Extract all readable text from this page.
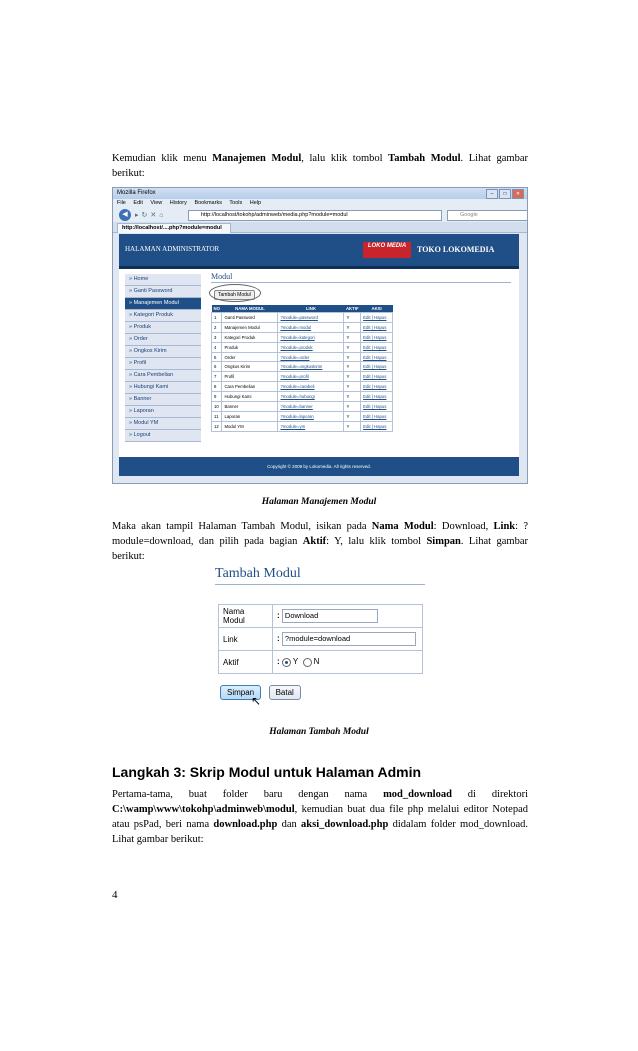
Kemudian klik menu Manajemen Modul, lalu klik tombol Tambah Modul. Lihat gambar berikut:
Mozilla Firefox	–	□	✕
File Edit View History Bookmarks Tools Help
◀	▸↻✕⌂	http://localhost/tokohp/adminweb/media.php?module=modul	Google
http://localhost/....php?module=modul
HALAMAN ADMINISTRATOR	LOKO MEDIA	TOKO LOKOMEDIA
» Home
» Ganti Password
» Manajemen Modul
» Kategori Produk
» Produk
» Order
» Ongkos Kirim
» Profil
» Cara Pembelian
» Hubungi Kami
» Banner
» Laporan
» Modul YM
» Logout
Modul
Tambah Modul
NO	NAMA MODUL	LINK	AKTIF	AKSI
1	Ganti Password	?module=password	Y	Edit | Hapus
2	Manajemen Modul	?module=modul	Y	Edit | Hapus
3	Kategori Produk	?module=kategori	Y	Edit | Hapus
4	Produk	?module=produk	Y	Edit | Hapus
5	Order	?module=order	Y	Edit | Hapus
6	Ongkos Kirim	?module=ongkoskirim	Y	Edit | Hapus
7	Profil	?module=profil	Y	Edit | Hapus
8	Cara Pembelian	?module=carabeli	Y	Edit | Hapus
9	Hubungi Kami	?module=hubungi	Y	Edit | Hapus
10	Banner	?module=banner	Y	Edit | Hapus
11	Laporan	?module=laporan	Y	Edit | Hapus
12	Modul YM	?module=ym	Y	Edit | Hapus
Copyright © 2009 by Lokomedia. All rights reserved.
Halaman Manajemen Modul
Maka akan tampil Halaman Tambah Modul, isikan pada Nama Modul: Download, Link: ?module=download, dan pilih pada bagian Aktif: Y, lalu klik tombol Simpan. Lihat gambar berikut:
Tambah Modul
Nama Modul	: Download
Link	: ?module=download
Aktif	: Y N
Simpan	Batal
↖
Halaman Tambah Modul
Langkah 3: Skrip Modul untuk Halaman Admin
Pertama-tama, buat folder baru dengan nama mod_download di direktori C:\wamp\www\tokohp\adminweb\modul, kemudian buat dua file php melalui editor Notepad atau psPad, beri nama download.php dan aksi_download.php didalam folder mod_download. Lihat gambar berikut:
4
